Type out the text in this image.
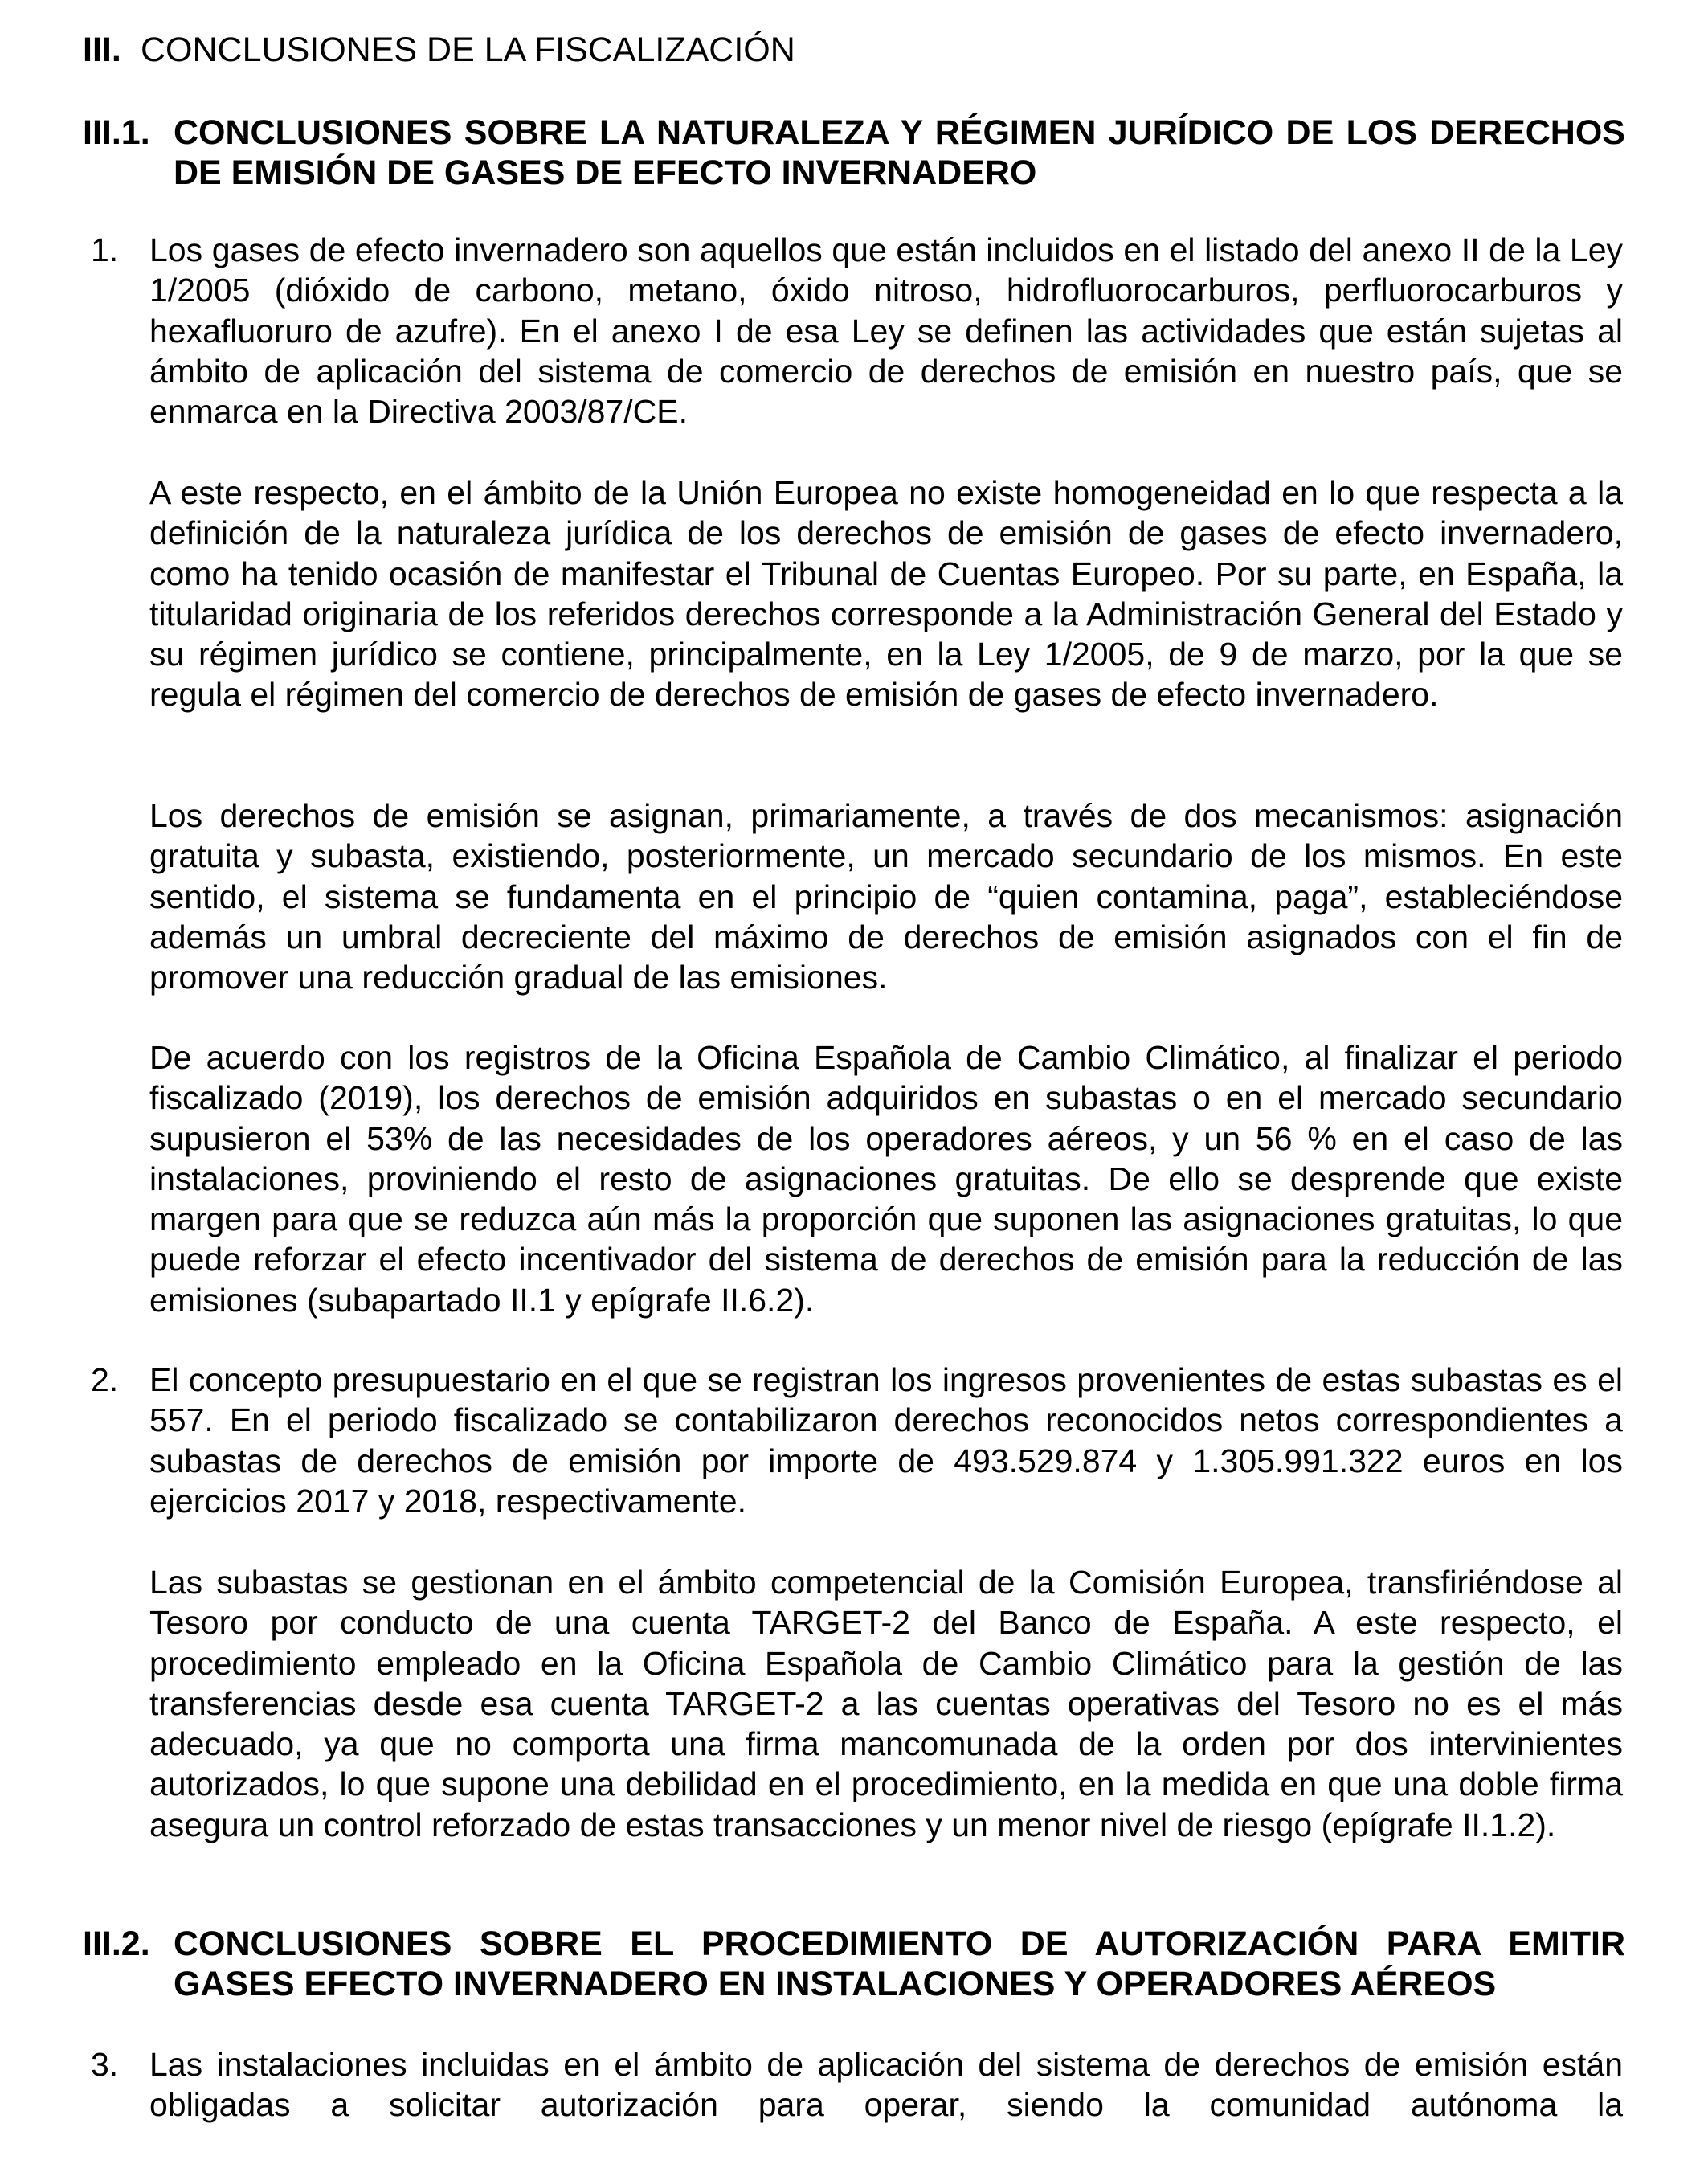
III. CONCLUSIONES DE LA FISCALIZACIÓN
III.1. CONCLUSIONES SOBRE LA NATURALEZA Y RÉGIMEN JURÍDICO DE LOS DERECHOS DE EMISIÓN DE GASES DE EFECTO INVERNADERO
1. Los gases de efecto invernadero son aquellos que están incluidos en el listado del anexo II de la Ley 1/2005 (dióxido de carbono, metano, óxido nitroso, hidrofluorocarburos, perfluorocarburos y hexafluoruro de azufre). En el anexo I de esa Ley se definen las actividades que están sujetas al ámbito de aplicación del sistema de comercio de derechos de emisión en nuestro país, que se enmarca en la Directiva 2003/87/CE.
A este respecto, en el ámbito de la Unión Europea no existe homogeneidad en lo que respecta a la definición de la naturaleza jurídica de los derechos de emisión de gases de efecto invernadero, como ha tenido ocasión de manifestar el Tribunal de Cuentas Europeo. Por su parte, en España, la titularidad originaria de los referidos derechos corresponde a la Administración General del Estado y su régimen jurídico se contiene, principalmente, en la Ley 1/2005, de 9 de marzo, por la que se regula el régimen del comercio de derechos de emisión de gases de efecto invernadero.
Los derechos de emisión se asignan, primariamente, a través de dos mecanismos: asignación gratuita y subasta, existiendo, posteriormente, un mercado secundario de los mismos. En este sentido, el sistema se fundamenta en el principio de “quien contamina, paga”, estableciéndose además un umbral decreciente del máximo de derechos de emisión asignados con el fin de promover una reducción gradual de las emisiones.
De acuerdo con los registros de la Oficina Española de Cambio Climático, al finalizar el periodo fiscalizado (2019), los derechos de emisión adquiridos en subastas o en el mercado secundario supusieron el 53% de las necesidades de los operadores aéreos, y un 56 % en el caso de las instalaciones, proviniendo el resto de asignaciones gratuitas. De ello se desprende que existe margen para que se reduzca aún más la proporción que suponen las asignaciones gratuitas, lo que puede reforzar el efecto incentivador del sistema de derechos de emisión para la reducción de las emisiones (subapartado II.1 y epígrafe II.6.2).
2. El concepto presupuestario en el que se registran los ingresos provenientes de estas subastas es el 557. En el periodo fiscalizado se contabilizaron derechos reconocidos netos correspondientes a subastas de derechos de emisión por importe de 493.529.874 y 1.305.991.322 euros en los ejercicios 2017 y 2018, respectivamente.
Las subastas se gestionan en el ámbito competencial de la Comisión Europea, transfiriéndose al Tesoro por conducto de una cuenta TARGET-2 del Banco de España. A este respecto, el procedimiento empleado en la Oficina Española de Cambio Climático para la gestión de las transferencias desde esa cuenta TARGET-2 a las cuentas operativas del Tesoro no es el más adecuado, ya que no comporta una firma mancomunada de la orden por dos intervinientes autorizados, lo que supone una debilidad en el procedimiento, en la medida en que una doble firma asegura un control reforzado de estas transacciones y un menor nivel de riesgo (epígrafe II.1.2).
III.2. CONCLUSIONES SOBRE EL PROCEDIMIENTO DE AUTORIZACIÓN PARA EMITIR GASES EFECTO INVERNADERO EN INSTALACIONES Y OPERADORES AÉREOS
3. Las instalaciones incluidas en el ámbito de aplicación del sistema de derechos de emisión están obligadas a solicitar autorización para operar, siendo la comunidad autónoma la
